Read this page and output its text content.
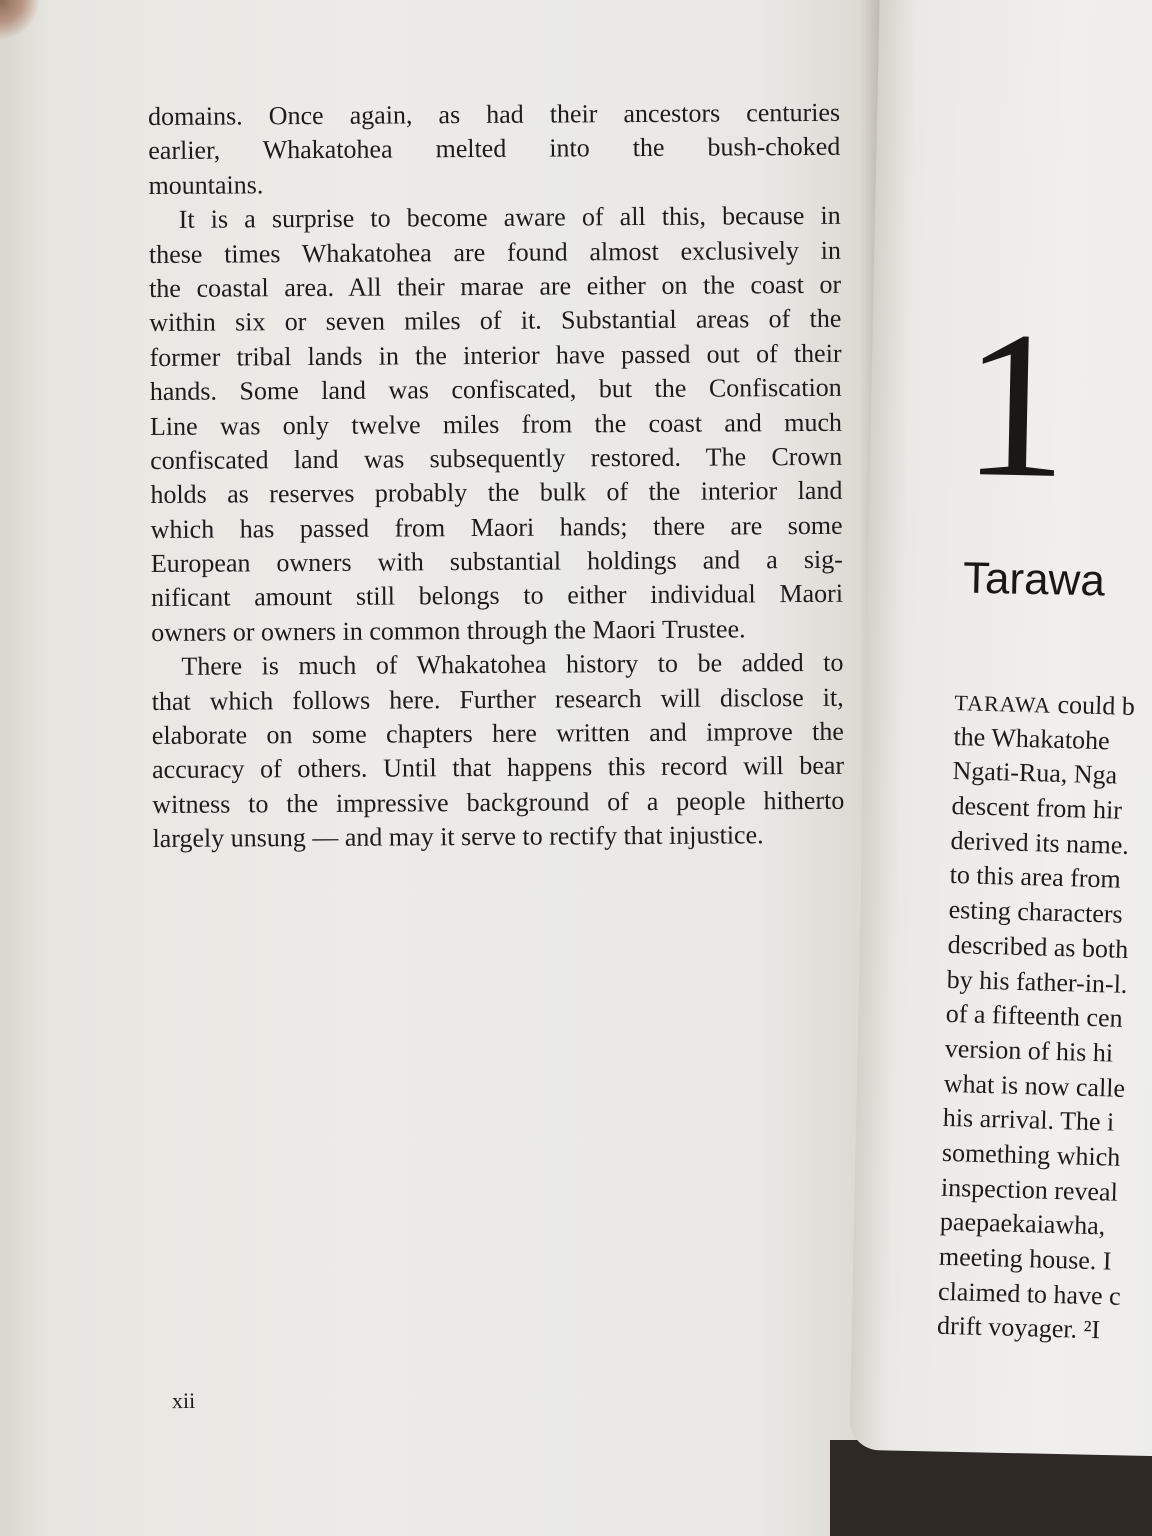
domains. Once again, as had their ancestors centuries
earlier, Whakatohea melted into the bush-choked
mountains.

It is a surprise to become aware of all this, because in
these times Whakatohea are found almost exclusively in
the coastal area. All their marae are either on the coast or
within six or seven miles of it. Substantial areas of the
former tribal lands in the interior have passed out of their
hands. Some land was confiscated, but the Confiscation
Line was only twelve miles from the coast and much
confiscated land was subsequently restored. The Crown
holds as reserves probably the bulk of the interior land
which has passed from Maori hands; there are some
European owners with substantial holdings and a sig-
nificant amount still belongs to either individual Maori
owners or owners in common through the Maori Trustee.

There is much of Whakatohea history to be added to
that which follows here. Further research will disclose it,
elaborate on some chapters here written and improve the
accuracy of others. Until that happens this record will bear
witness to the impressive background of a people hitherto
largely unsung — and may it serve to rectify that injustice.

xii
1
Tarawa
TARAWA could b
the Whakatohe
Ngati-Rua, Nga
descent from hir
derived its name.
to this area from
esting characters
described as both
by his father-in-l.
of a fifteenth cen
version of his hi
what is now calle
his arrival. The i
something which
inspection reveal
paepaekaiawha,
meeting house. I
claimed to have c
drift voyager. ²I
